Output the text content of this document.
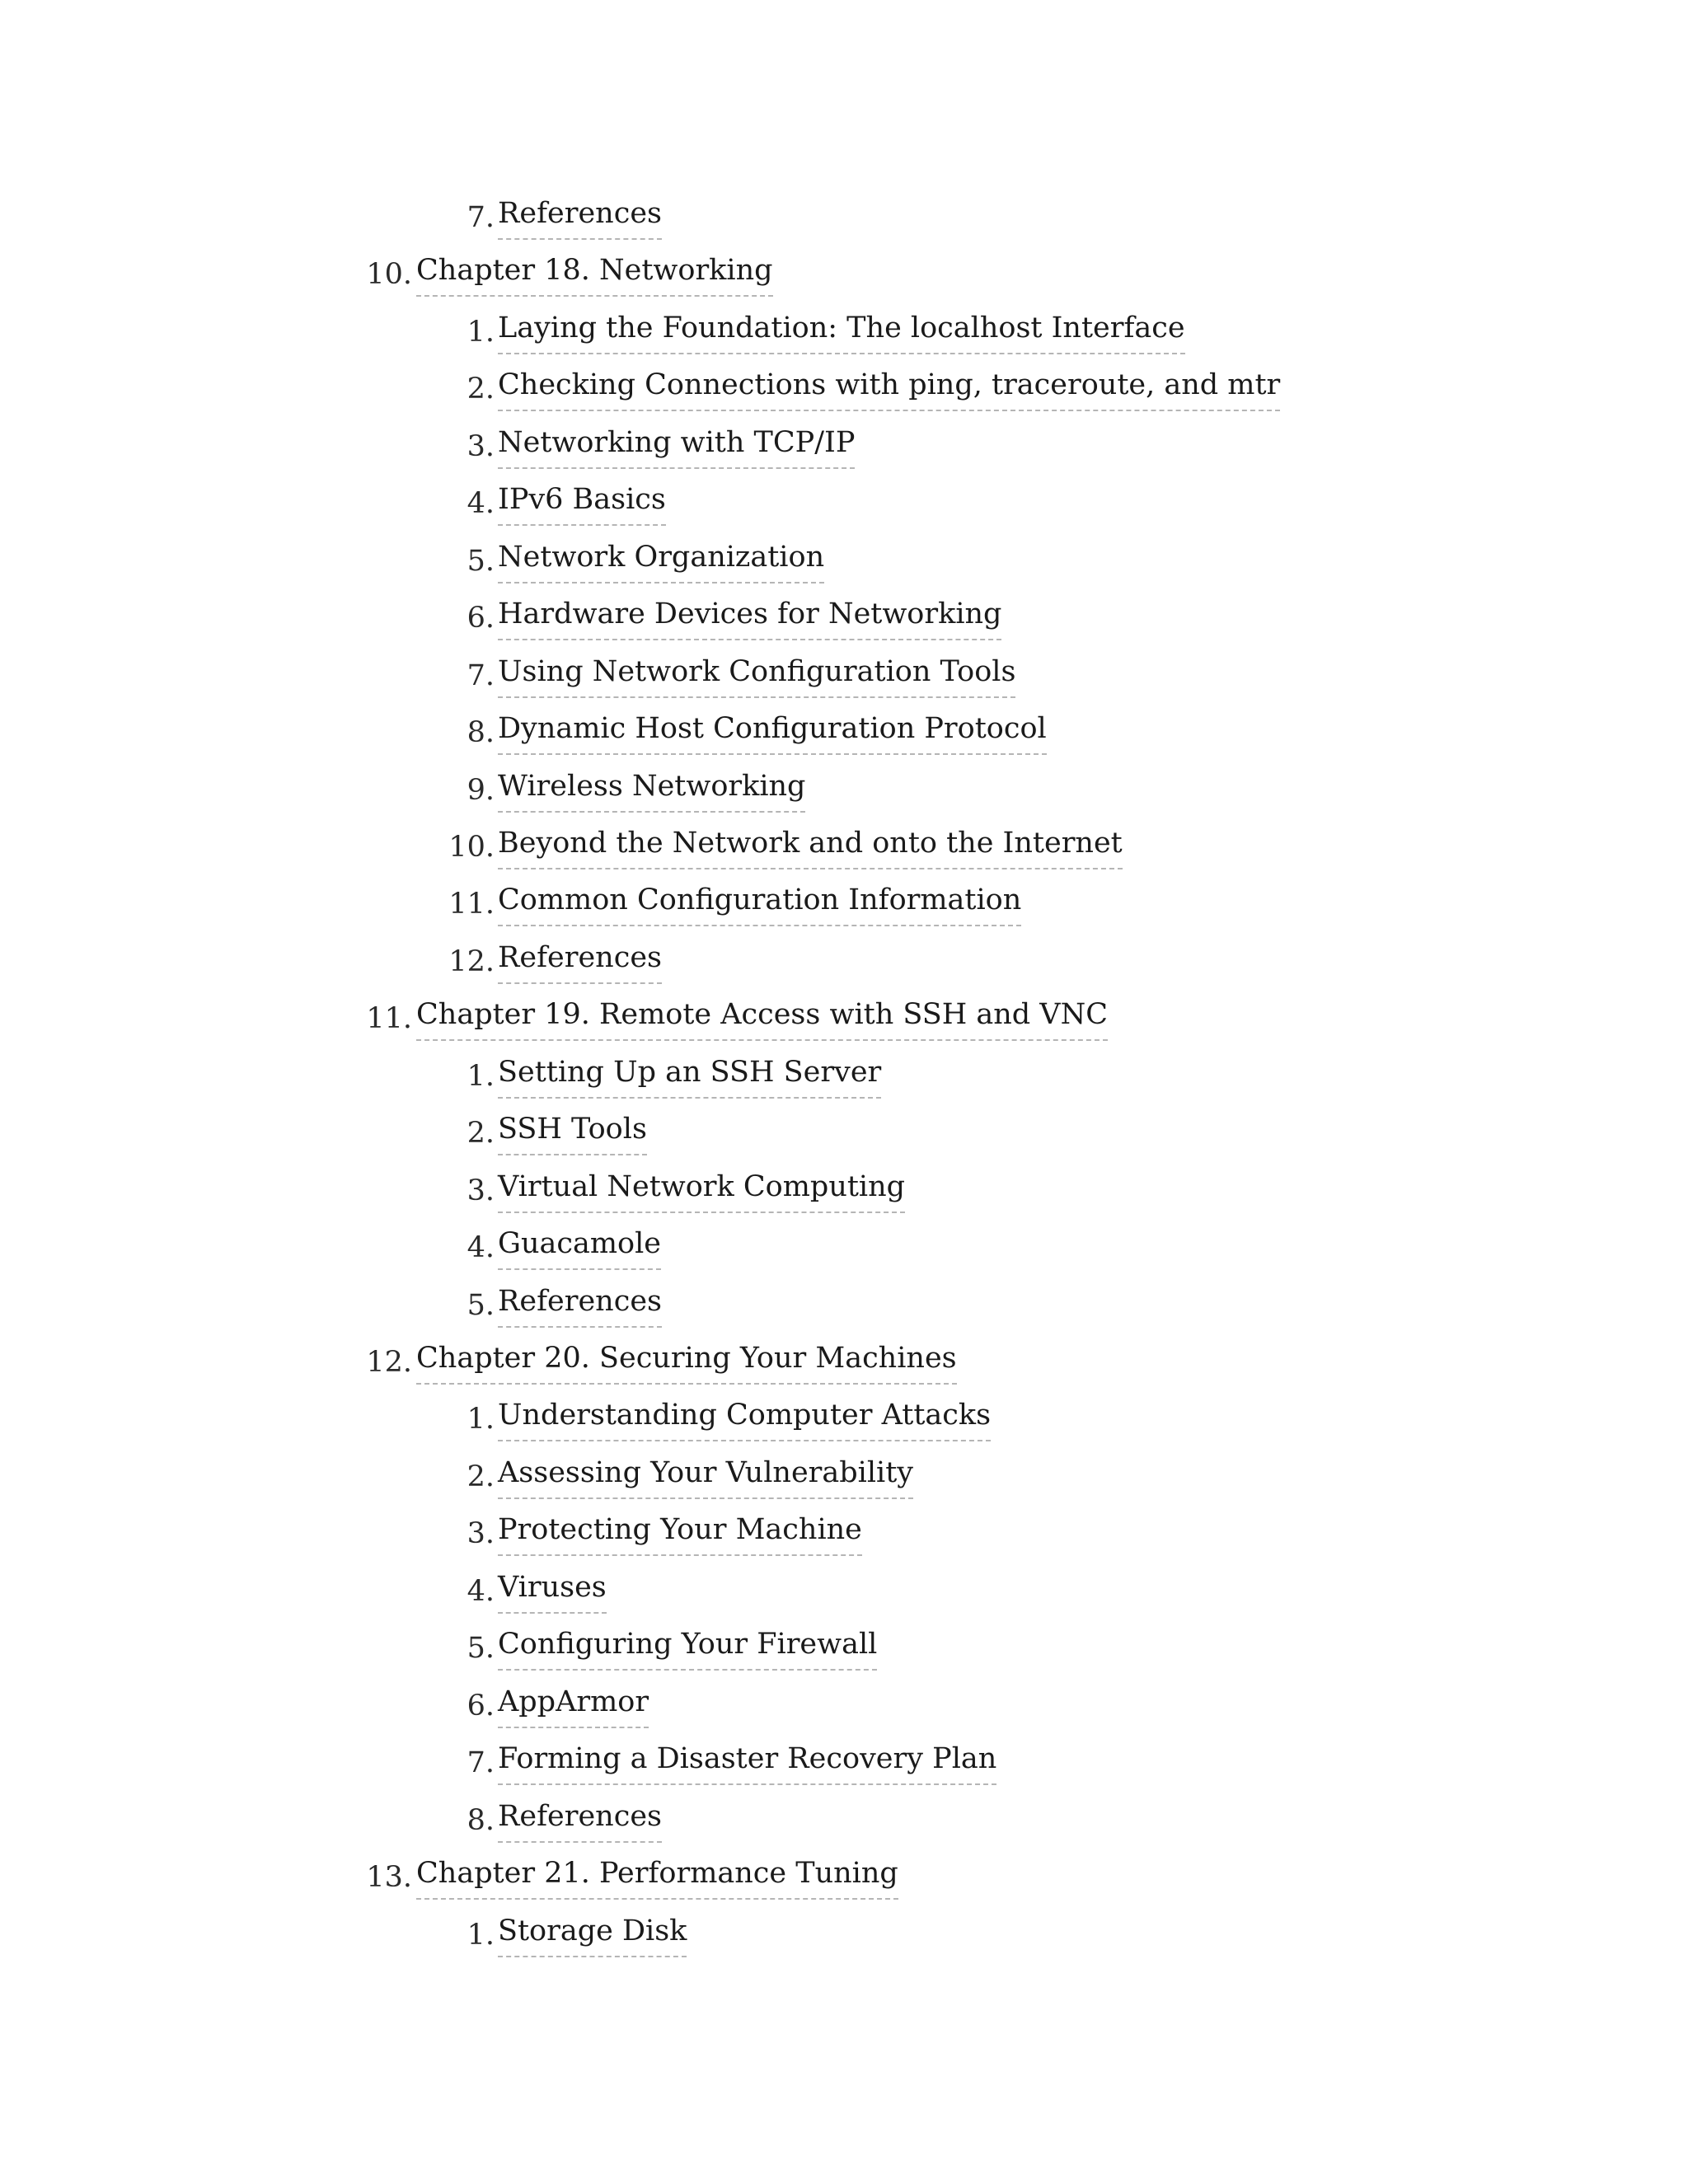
7. References
10. Chapter 18. Networking
1. Laying the Foundation: The localhost Interface
2. Checking Connections with ping, traceroute, and mtr
3. Networking with TCP/IP
4. IPv6 Basics
5. Network Organization
6. Hardware Devices for Networking
7. Using Network Configuration Tools
8. Dynamic Host Configuration Protocol
9. Wireless Networking
10. Beyond the Network and onto the Internet
11. Common Configuration Information
12. References
11. Chapter 19. Remote Access with SSH and VNC
1. Setting Up an SSH Server
2. SSH Tools
3. Virtual Network Computing
4. Guacamole
5. References
12. Chapter 20. Securing Your Machines
1. Understanding Computer Attacks
2. Assessing Your Vulnerability
3. Protecting Your Machine
4. Viruses
5. Configuring Your Firewall
6. AppArmor
7. Forming a Disaster Recovery Plan
8. References
13. Chapter 21. Performance Tuning
1. Storage Disk
